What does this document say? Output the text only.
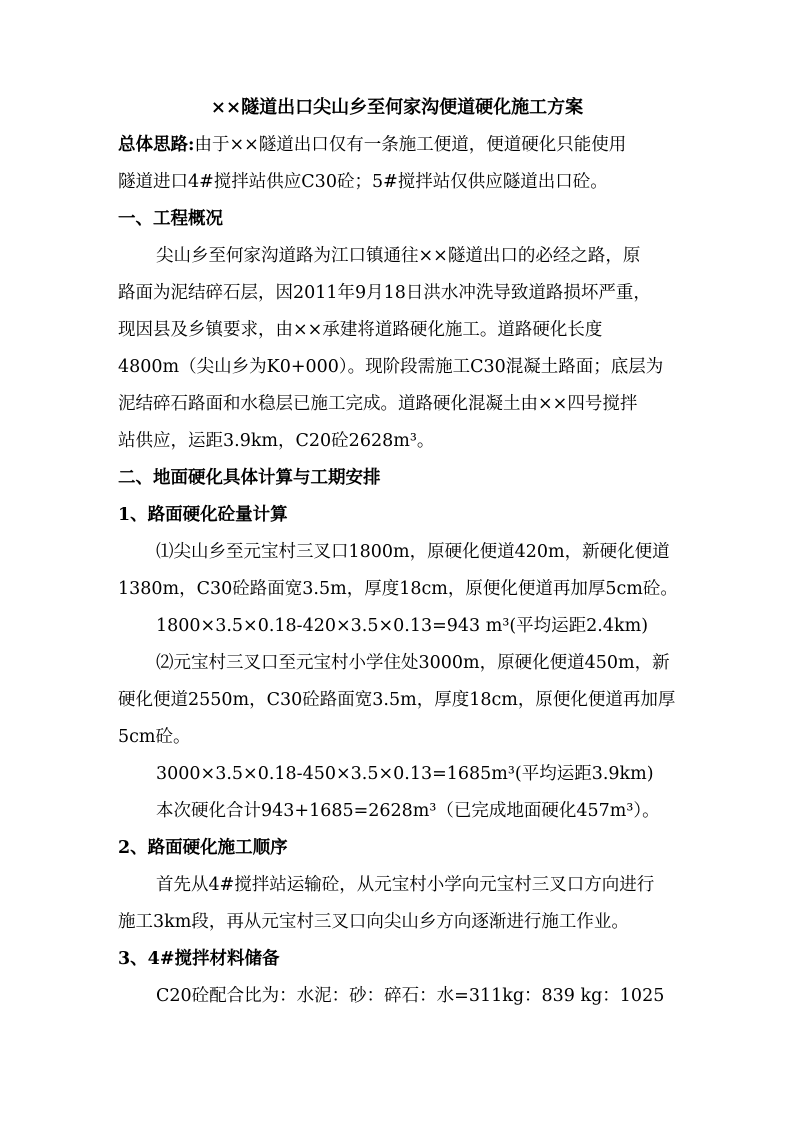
××隧道出口尖山乡至何家沟便道硬化施工方案
总体思路:由于××隧道出口仅有一条施工便道，便道硬化只能使用
隧道进口4#搅拌站供应C30砼；5#搅拌站仅供应隧道出口砼。
一、工程概况
尖山乡至何家沟道路为江口镇通往××隧道出口的必经之路，原
路面为泥结碎石层，因2011年9月18日洪水冲洗导致道路损坏严重，
现因县及乡镇要求，由××承建将道路硬化施工。道路硬化长度
4800m（尖山乡为K0+000）。现阶段需施工C30混凝土路面；底层为
泥结碎石路面和水稳层已施工完成。道路硬化混凝土由××四号搅拌
站供应，运距3.9km，C20砼2628m³。
二、地面硬化具体计算与工期安排
1、路面硬化砼量计算
⑴尖山乡至元宝村三叉口1800m，原硬化便道420m，新硬化便道
1380m，C30砼路面宽3.5m，厚度18cm，原便化便道再加厚5cm砼。
1800×3.5×0.18-420×3.5×0.13=943 m³(平均运距2.4km)
⑵元宝村三叉口至元宝村小学住处3000m，原硬化便道450m，新
硬化便道2550m，C30砼路面宽3.5m，厚度18cm，原便化便道再加厚
5cm砼。
3000×3.5×0.18-450×3.5×0.13=1685m³(平均运距3.9km)
本次硬化合计943+1685=2628m³（已完成地面硬化457m³）。
2、路面硬化施工顺序
首先从4#搅拌站运输砼，从元宝村小学向元宝村三叉口方向进行
施工3km段，再从元宝村三叉口向尖山乡方向逐渐进行施工作业。
3、4#搅拌材料储备
C20砼配合比为：水泥：砂：碎石：水=311kg：839 kg：1025
